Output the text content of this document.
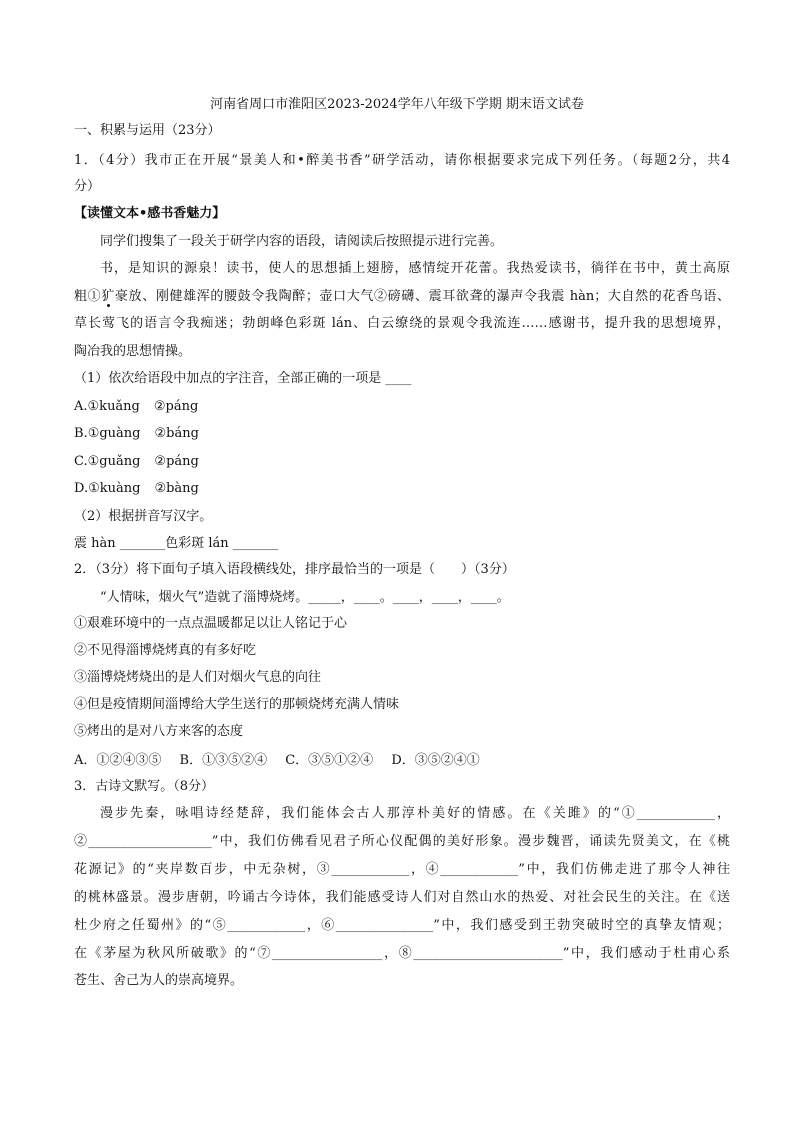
河南省周口市淮阳区2023-2024学年八年级下学期 期末语文试卷
一、积累与运用（23分）
1．（4分）我市正在开展“景美人和•醉美书香”研学活动，请你根据要求完成下列任务。（每题2分，共4
分）
【读懂文本•感书香魅力】
同学们搜集了一段关于研学内容的语段，请阅读后按照提示进行完善。
书，是知识的源泉！读书，使人的思想插上翅膀，感情绽开花蕾。我热爱读书，徜徉在书中，黄土高原
粗①犷豪放、刚健雄浑的腰鼓令我陶醉；壶口大气②磅礴、震耳欲聋的瀑声令我震 hàn；大自然的花香鸟语、
草长莺飞的语言令我痴迷；勃朗峰色彩斑 lán、白云缭绕的景观令我流连……感谢书，提升我的思想境界，
陶冶我的思想情操。
（1）依次给语段中加点的字注音，全部正确的一项是 ____
A.①kuǎng ②páng
B.①guàng ②báng
C.①guǎng ②páng
D.①kuàng ②bàng
（2）根据拼音写汉字。
震 hàn _______色彩斑 lán _______
2．（3分）将下面句子填入语段横线处，排序最恰当的一项是（　　）（3分）
“人情味，烟火气”造就了淄博烧烤。_____，____。____，____，____。
①艰难环境中的一点点温暖都足以让人铭记于心
②不见得淄博烧烤真的有多好吃
③淄博烧烤烧出的是人们对烟火气息的向往
④但是疫情期间淄博给大学生送行的那顿烧烤充满人情味
⑤烤出的是对八方来客的态度
A．①②④③⑤ B．①③⑤②④ C．③⑤①②④ D．③⑤②④①
3．古诗文默写。（8分）
漫步先秦，咏唱诗经楚辞，我们能体会古人那淳朴美好的情感。在《关雎》的“①____________，
②___________________”中，我们仿佛看见君子所心仪配偶的美好形象。漫步魏晋，诵读先贤美文，在《桃
花源记》的“夹岸数百步，中无杂树，③____________，④____________”中，我们仿佛走进了那令人神往
的桃林盛景。漫步唐朝，吟诵古今诗体，我们能感受诗人们对自然山水的热爱、对社会民生的关注。在《送
杜少府之任蜀州》的“⑤____________，⑥_______________”中，我们感受到王勃突破时空的真挚友情观；
在《茅屋为秋风所破歌》的“⑦_________________，⑧_______________________”中，我们感动于杜甫心系
苍生、舍己为人的崇高境界。
